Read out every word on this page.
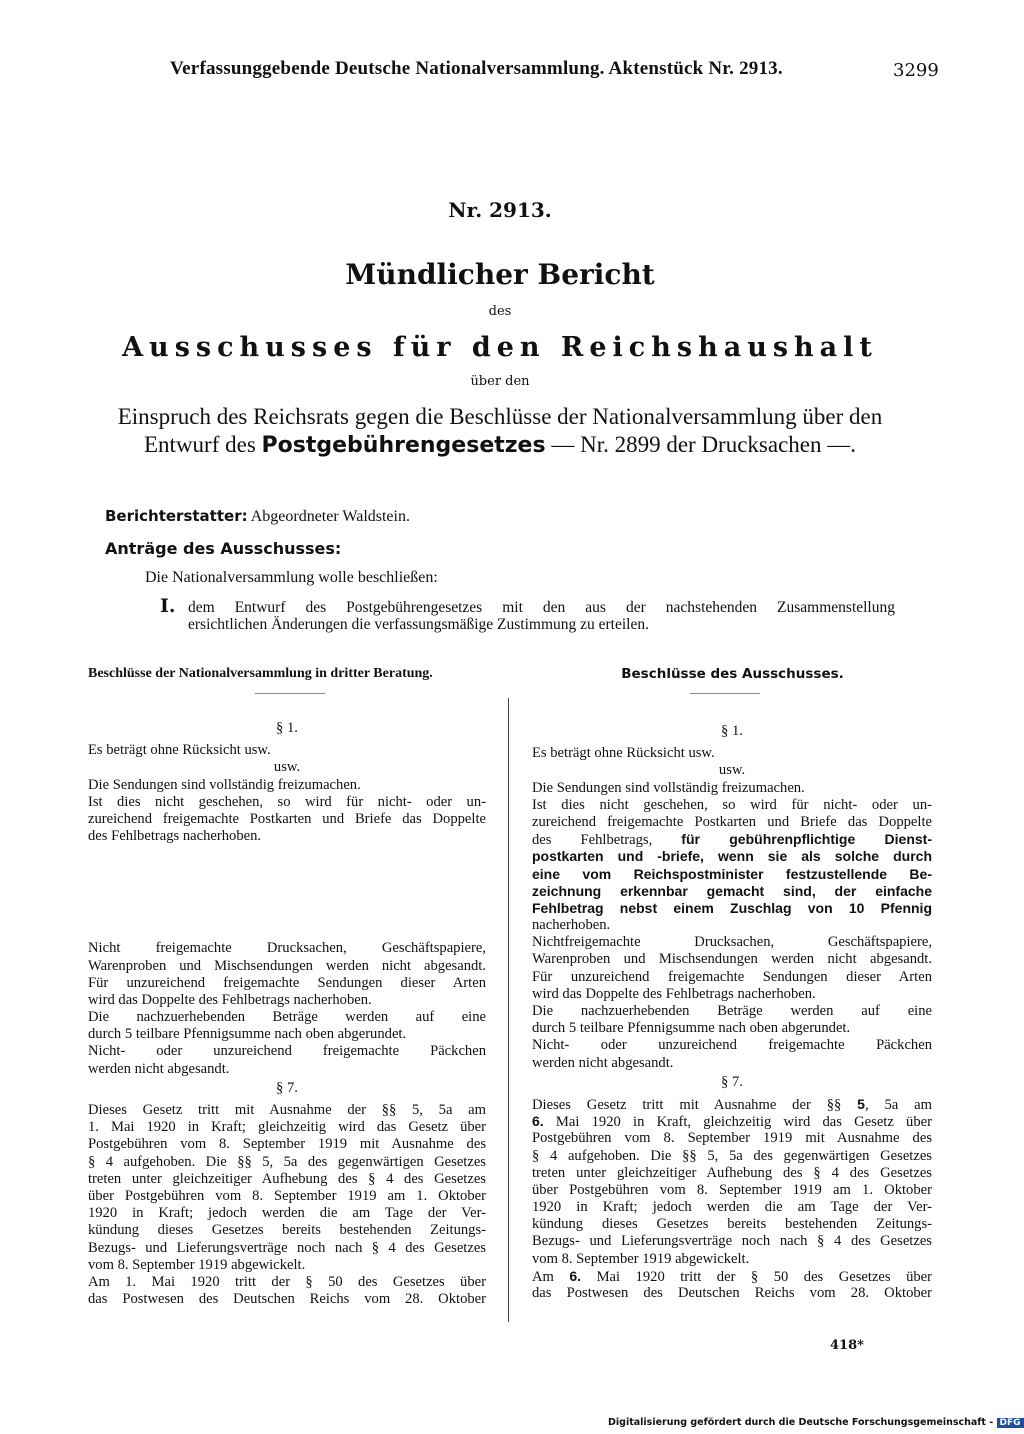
Verfassunggebende Deutsche Nationalversammlung. Aktenstück Nr. 2913.	3299
Nr. 2913.
Mündlicher Bericht
des
Ausschusses für den Reichshaushalt
über den
Einspruch des Reichsrats gegen die Beschlüsse der Nationalversammlung über den
Entwurf des Postgebührengesetzes — Nr. 2899 der Drucksachen —.
Berichterstatter: Abgeordneter Waldstein.
Anträge des Ausschusses:
Die Nationalversammlung wolle beschließen:
I. dem Entwurf des Postgebührengesetzes mit den aus der nachstehenden Zusammenstellung
ersichtlichen Änderungen die verfassungsmäßige Zustimmung zu erteilen.
Beschlüsse der Nationalversammlung in dritter Beratung.	Beschlüsse des Ausschusses.
§ 1.
Es beträgt ohne Rücksicht usw.
usw.
Die Sendungen sind vollständig freizumachen.
Ist dies nicht geschehen, so wird für nicht- oder un-
zureichend freigemachte Postkarten und Briefe das Doppelte
des Fehlbetrags nacherhoben.
Nicht freigemachte Drucksachen, Geschäftspapiere,
Warenproben und Mischsendungen werden nicht abgesandt.
Für unzureichend freigemachte Sendungen dieser Arten
wird das Doppelte des Fehlbetrags nacherhoben.
Die nachzuerhebenden Beträge werden auf eine
durch 5 teilbare Pfennigsumme nach oben abgerundet.
Nicht- oder unzureichend freigemachte Päckchen
werden nicht abgesandt.
§ 7.
Dieses Gesetz tritt mit Ausnahme der §§ 5, 5a am
1. Mai 1920 in Kraft; gleichzeitig wird das Gesetz über
Postgebühren vom 8. September 1919 mit Ausnahme des
§ 4 aufgehoben. Die §§ 5, 5a des gegenwärtigen Gesetzes
treten unter gleichzeitiger Aufhebung des § 4 des Gesetzes
über Postgebühren vom 8. September 1919 am 1. Oktober
1920 in Kraft; jedoch werden die am Tage der Ver-
kündung dieses Gesetzes bereits bestehenden Zeitungs-
Bezugs- und Lieferungsverträge noch nach § 4 des Gesetzes
vom 8. September 1919 abgewickelt.
Am 1. Mai 1920 tritt der § 50 des Gesetzes über
das Postwesen des Deutschen Reichs vom 28. Oktober
§ 1.
Es beträgt ohne Rücksicht usw.
usw.
Die Sendungen sind vollständig freizumachen.
Ist dies nicht geschehen, so wird für nicht- oder un-
zureichend freigemachte Postkarten und Briefe das Doppelte
des Fehlbetrags, für gebührenpflichtige Dienst-
postkarten und -briefe, wenn sie als solche durch
eine vom Reichspostminister festzustellende Be-
zeichnung erkennbar gemacht sind, der einfache
Fehlbetrag nebst einem Zuschlag von 10 Pfennig
nacherhoben.
Nichtfreigemachte Drucksachen, Geschäftspapiere,
Warenproben und Mischsendungen werden nicht abgesandt.
Für unzureichend freigemachte Sendungen dieser Arten
wird das Doppelte des Fehlbetrags nacherhoben.
Die nachzuerhebenden Beträge werden auf eine
durch 5 teilbare Pfennigsumme nach oben abgerundet.
Nicht- oder unzureichend freigemachte Päckchen
werden nicht abgesandt.
§ 7.
Dieses Gesetz tritt mit Ausnahme der §§ 5, 5a am
6. Mai 1920 in Kraft, gleichzeitig wird das Gesetz über
Postgebühren vom 8. September 1919 mit Ausnahme des
§ 4 aufgehoben. Die §§ 5, 5a des gegenwärtigen Gesetzes
treten unter gleichzeitiger Aufhebung des § 4 des Gesetzes
über Postgebühren vom 8. September 1919 am 1. Oktober
1920 in Kraft; jedoch werden die am Tage der Ver-
kündung dieses Gesetzes bereits bestehenden Zeitungs-
Bezugs- und Lieferungsverträge noch nach § 4 des Gesetzes
vom 8. September 1919 abgewickelt.
Am 6. Mai 1920 tritt der § 50 des Gesetzes über
das Postwesen des Deutschen Reichs vom 28. Oktober
418*
Digitalisierung gefördert durch die Deutsche Forschungsgemeinschaft - DFG
